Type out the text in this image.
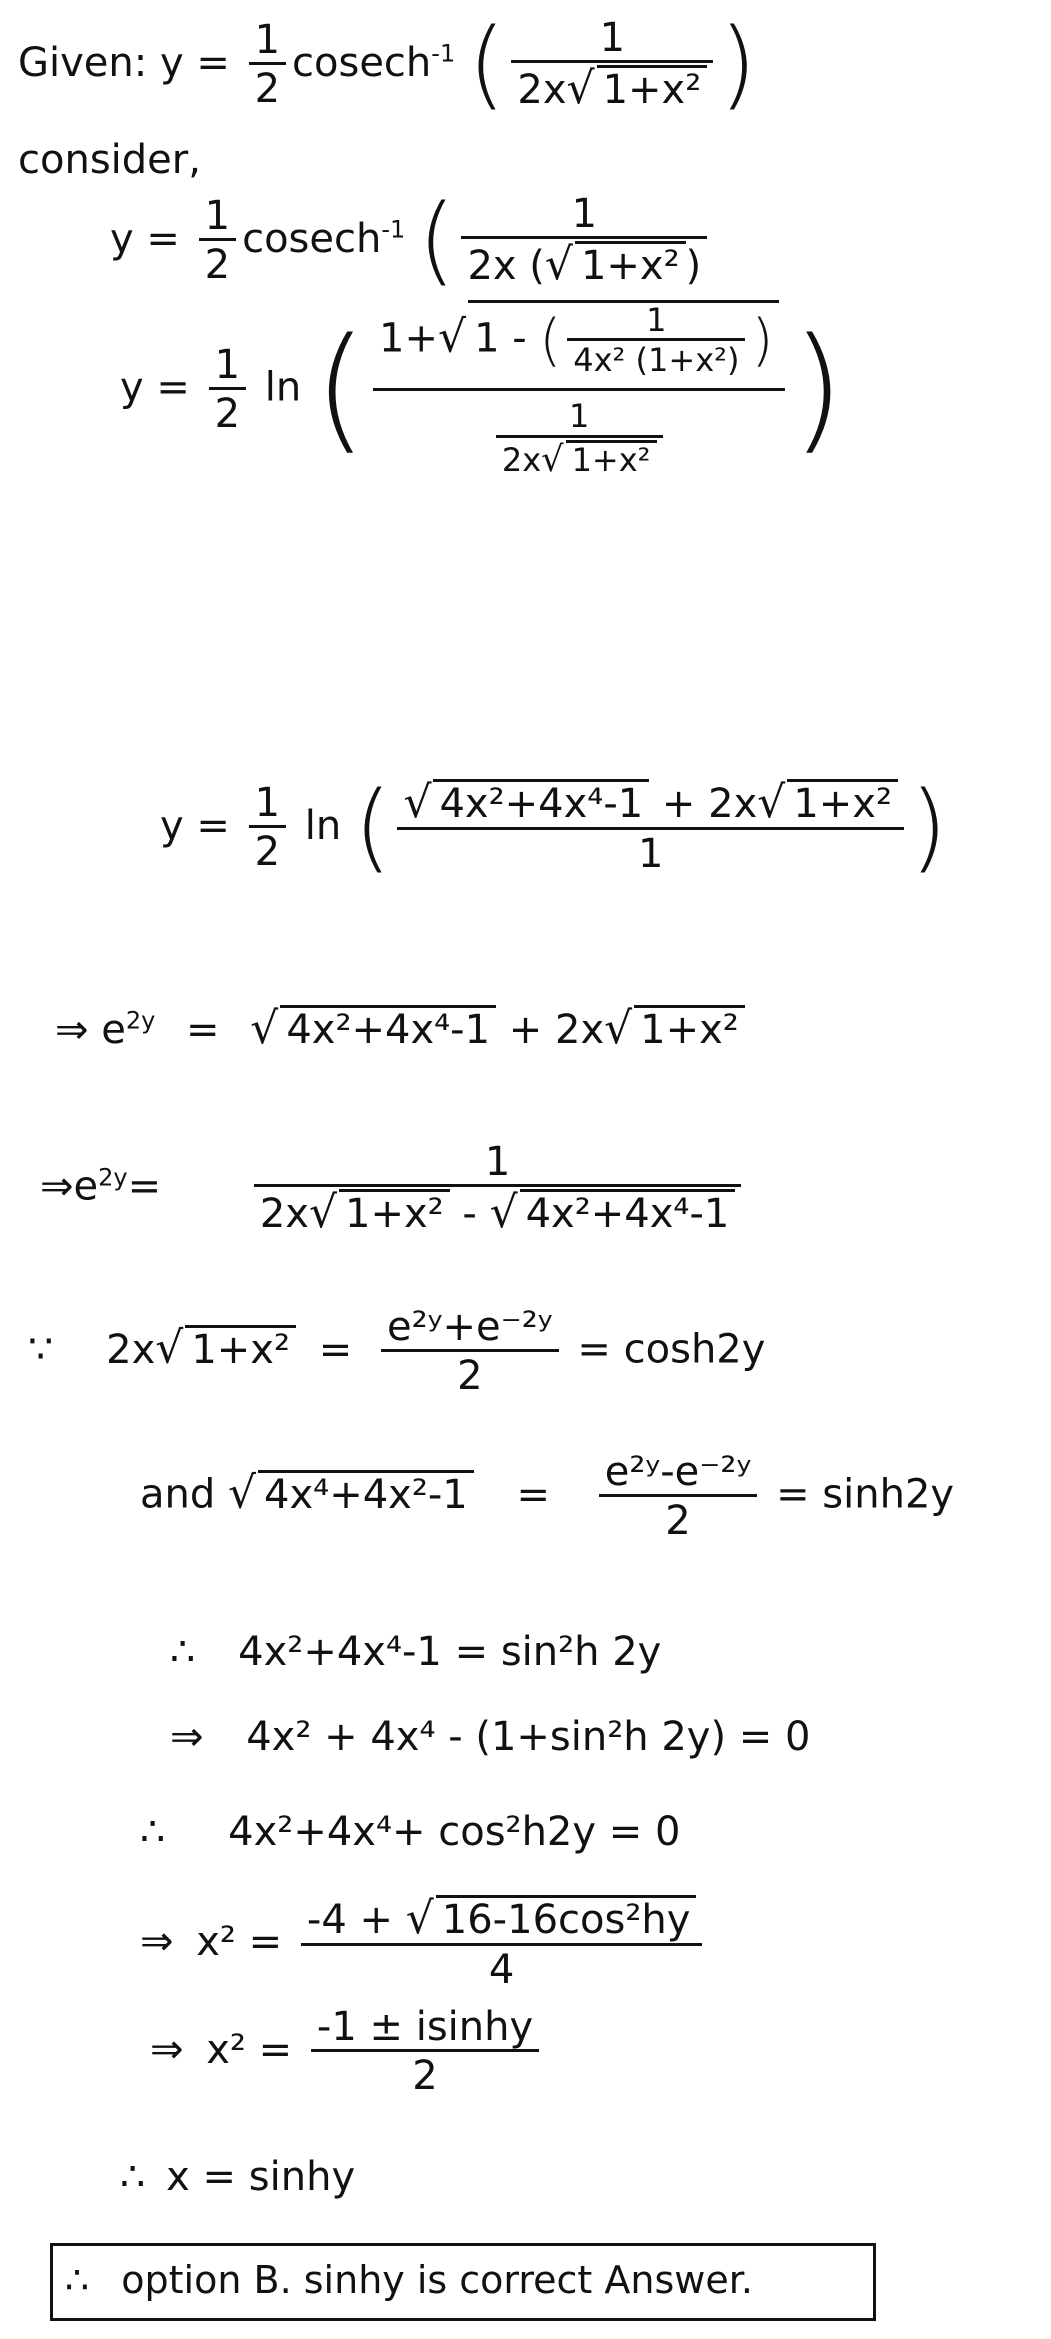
Given: $y = \frac{1}{2} cosech^{-1}$ ( $\frac{1}{\text{2x√ 1+x²}}$ )
consider,
$y = \frac{1}{2} cosech^{-1}$ ( $\frac{1}{\text{2x (√ 1+x² )}}$
$y = \frac{1}{2}$ ln ( $\frac{1+√ 1 - ( \frac{1}{\text{4x² (1+x²)}} )}{\frac{1}{\text{2x√ 1+x²}}}$ )
$y = \frac{1}{2}$ ln ( $\frac{\text{√ 4x²+4x⁴-1 + 2x√ 1+x²}}{1}$ )
⇒ $e^{2y}$ = √ 4x²+4x⁴-1 + 2x√ 1+x²
$\Rightarrow e^{2y}= \frac{1}{\text{2x√ 1+x² - √ 4x²+4x⁴-1}}$
∵ 2x√ $1+x^2 = \frac{\text{e²ʸ+e⁻²ʸ}}{2} = \cosh 2y$
and √ $4x^4+4x^2-1 = \frac{\text{e²ʸ-e⁻²ʸ}}{2} = \sinh 2y$
∴ 4x²+4x⁴-1 = sin²h 2y
⇒ 4x² + 4x⁴ - (1+sin²h 2y) = 0
∴ 4x²+4x⁴+ cos²h2y = 0
⇒ $x^2 = \frac{\text{-4 + √ 16-16cos²hy}}{4}$
⇒ $x^2 = \frac{-1 \pm isinhy}{2}$
∴ x = sinhy
∴ option B. sinhy is correct Answer.
